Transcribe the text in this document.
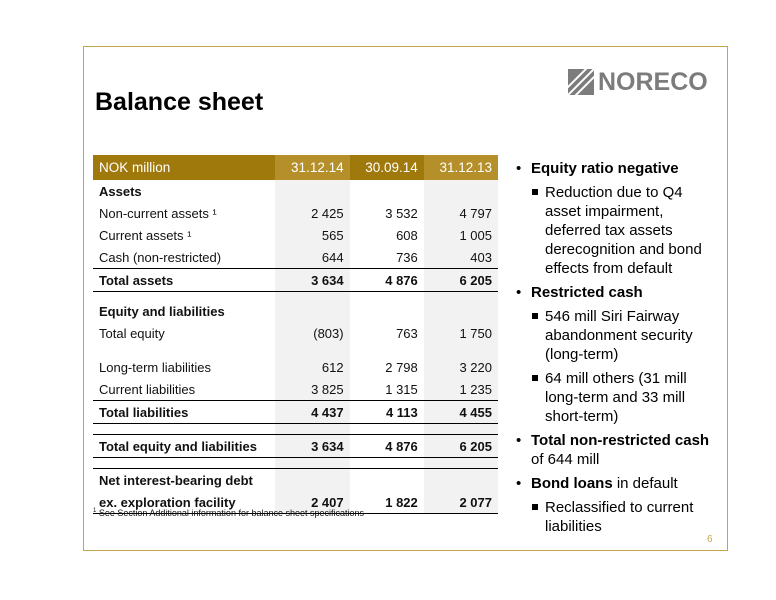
NORECO
Balance sheet
NOK million	31.12.14	30.09.14	31.12.13
Assets			
Non-current assets ¹	2 425	3 532	4 797
Current assets ¹	565	608	1 005
Cash (non-restricted)	644	736	403
Total assets	3 634	4 876	6 205

Equity and liabilities			
Total equity	(803)	763	1 750

Long-term liabilities	612	2 798	3 220
Current liabilities	3 825	1 315	1 235
Total liabilities	4 437	4 113	4 455

Total equity and liabilities	3 634	4 876	6 205

Net interest-bearing debt			
ex. exploration facility	2 407	1 822	2 077
$^1$ See Section Additional information for balance sheet specifications
• Equity ratio negative
Reduction due to Q4 asset impairment, deferred tax assets derecognition and bond effects from default
• Restricted cash
546 mill Siri Fairway abandonment security (long-term)
64 mill others (31 mill long-term and 33 mill short-term)
• Total non-restricted cash of 644 mill
• Bond loans in default
Reclassified to current liabilities
6
